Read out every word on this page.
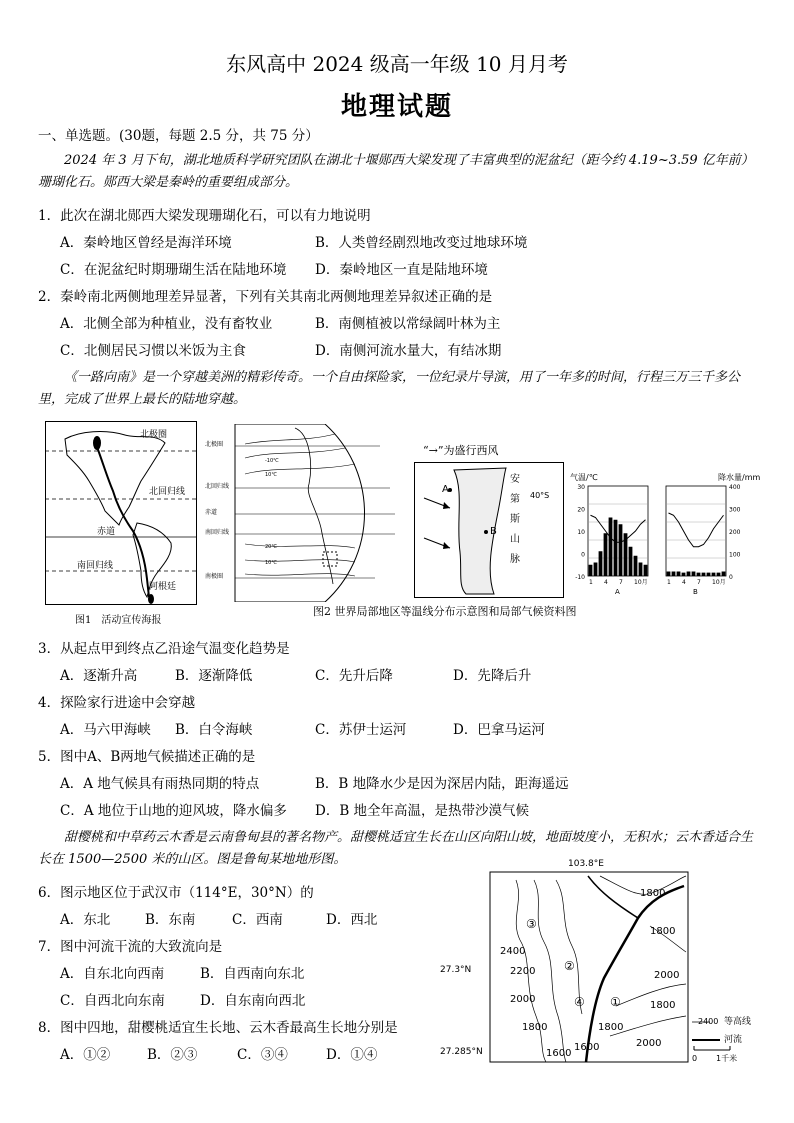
东风高中 2024 级高一年级 10 月月考
地理试题
一、单选题。(30题，每题 2.5 分，共 75 分）
2024 年 3 月下旬，湖北地质科学研究团队在湖北十堰郧西大梁发现了丰富典型的泥盆纪（距今约 4.19~3.59 亿年前）珊瑚化石。郧西大梁是秦岭的重要组成部分。
1．此次在湖北郧西大梁发现珊瑚化石，可以有力地说明
A．秦岭地区曾经是海洋环境	B．人类曾经剧烈地改变过地球环境
C．在泥盆纪时期珊瑚生活在陆地环境 D．秦岭地区一直是陆地环境
2．秦岭南北两侧地理差异显著，下列有关其南北两侧地理差异叙述正确的是
A．北侧全部为种植业，没有畜牧业	B．南侧植被以常绿阔叶林为主
C．北侧居民习惯以米饭为主食	D．南侧河流水量大，有结冰期
《一路向南》是一个穿越美洲的精彩传奇。一个自由探险家，一位纪录片导演，用了一年多的时间，行程三万三千多公里，完成了世界上最长的陆地穿越。
北极圈
北回归线
赤道
南回归线
阿根廷
图1　活动宣传海报
北极圈
北回归线
赤道
南回归线
南极圈
-10℃
10℃
20℃
10℃
“→”为盛行西风
A
B
40°S
安
第
斯
山
脉
气温/℃	降水量/mm
30
20
10
0
-10
1 4 7 10月
A
400
300
200
100
0
1 4 7 10月
B
图2 世界局部地区等温线分布示意图和局部气候资料图
3．从起点甲到终点乙沿途气温变化趋势是
A．逐渐升高	B．逐渐降低	C．先升后降	D．先降后升
4．探险家行进途中会穿越
A．马六甲海峡 B．白令海峡	C．苏伊士运河	D．巴拿马运河
5．图中A、B两地气候描述正确的是
A．A 地气候具有雨热同期的特点	B．B 地降水少是因为深居内陆，距海遥远
C．A 地位于山地的迎风坡，降水偏多 D．B 地全年高温，是热带沙漠气候
甜樱桃和中草药云木香是云南鲁甸县的著名物产。甜樱桃适宜生长在山区向阳山坡，地面坡度小，无积水；云木香适合生长在 1500—2500 米的山区。图是鲁甸某地地形图。
6．图示地区位于武汉市（114°E，30°N）的
A．东北	B．东南	C．西南	D．西北
7．图中河流干流的大致流向是
A．自东北向西南	B．自西南向东北
C．自西北向东南	D．自东南向西北
8．图中四地，甜樱桃适宜生长地、云木香最高生长地分别是
A．①②	B．②③	C．③④	D．①④
103.8°E
27.3°N
27.285°N
1800
1800
2400
2200
2000
1800
1600
1600
1800
2000
1800
2000
①
②
③
④
2400 等高线
河流
0 1千米
